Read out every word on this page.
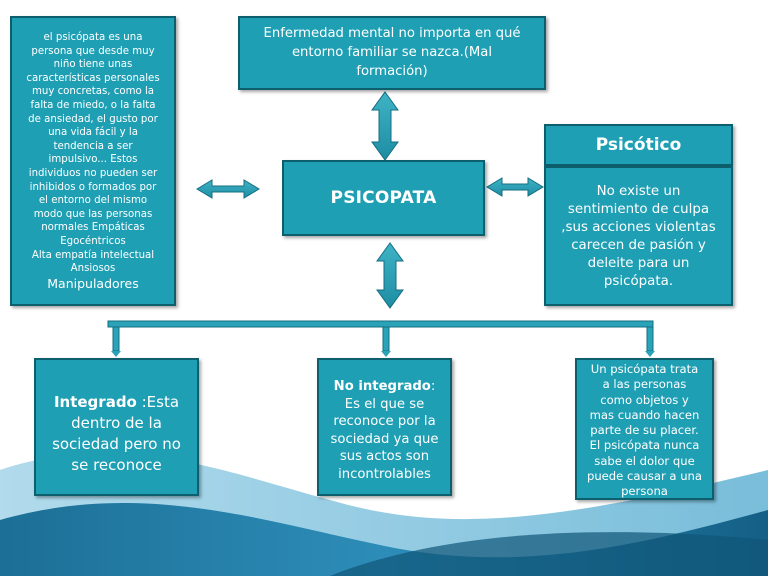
el psicópata es una
persona que desde muy
niño tiene unas
características personales
muy concretas, como la
falta de miedo, o la falta
de ansiedad, el gusto por
una vida fácil y la
tendencia a ser
impulsivo... Estos
individuos no pueden ser
inhibidos o formados por
el entorno del mismo
modo que las personas
normales Empáticas
Egocéntricos
Alta empatía intelectual
Ansiosos
Manipuladores
Enfermedad mental no importa en qué
entorno familiar se nazca.(Mal
formación)
PSICOPATA
Psicótico
No existe un
sentimiento de culpa
,sus acciones violentas
carecen de pasión y
deleite para un
psicópata.
Integrado :Esta
dentro de la
sociedad pero no
se reconoce
No integrado:
Es el que se
reconoce por la
sociedad ya que
sus actos son
incontrolables
Un psicópata trata
a las personas
como objetos y
mas cuando hacen
parte de su placer.
El psicópata nunca
sabe el dolor que
puede causar a una
persona
